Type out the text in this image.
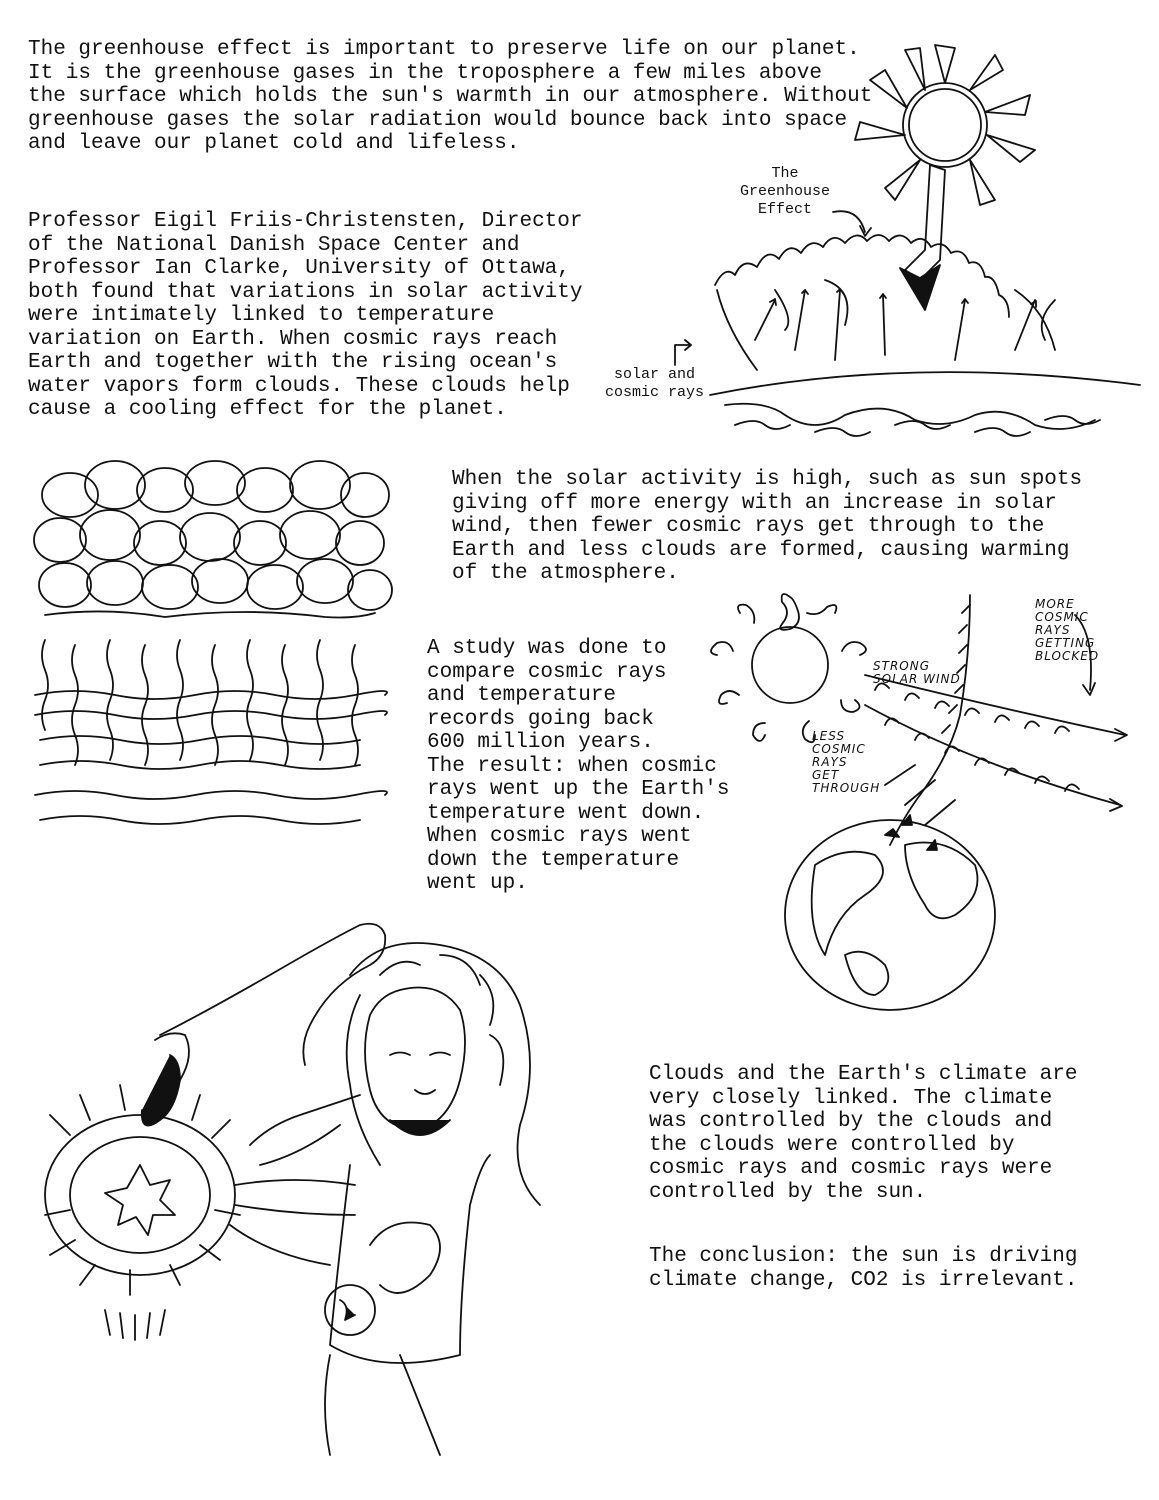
The greenhouse effect is important to preserve life on our planet.
It is the greenhouse gases in the troposphere a few miles above
the surface which holds the sun's warmth in our atmosphere. Without
greenhouse gases the solar radiation would bounce back into space
and leave our planet cold and lifeless.

Professor Eigil Friis-Christensten, Director
of the National Danish Space Center and
Professor Ian Clarke, University of Ottawa,
both found that variations in solar activity
were intimately linked to temperature
variation on Earth. When cosmic rays reach
Earth and together with the rising ocean's
water vapors form clouds. These clouds help
cause a cooling effect for the planet.

When the solar activity is high, such as sun spots
giving off more energy with an increase in solar
wind, then fewer cosmic rays get through to the
Earth and less clouds are formed, causing warming
of the atmosphere.

A study was done to
compare cosmic rays
and temperature
records going back
600 million years.
The result: when cosmic
rays went up the Earth's
temperature went down.
When cosmic rays went
down the temperature
went up.

Clouds and the Earth's climate are
very closely linked. The climate
was controlled by the clouds and
the clouds were controlled by
cosmic rays and cosmic rays were
controlled by the sun.

The conclusion: the sun is driving
climate change, CO2 is irrelevant.

The
Greenhouse
Effect
solar and
cosmic rays
MORE
COSMIC
RAYS
GETTING
BLOCKED
STRONG
SOLAR WIND
LESS
COSMIC
RAYS
GET
THROUGH
